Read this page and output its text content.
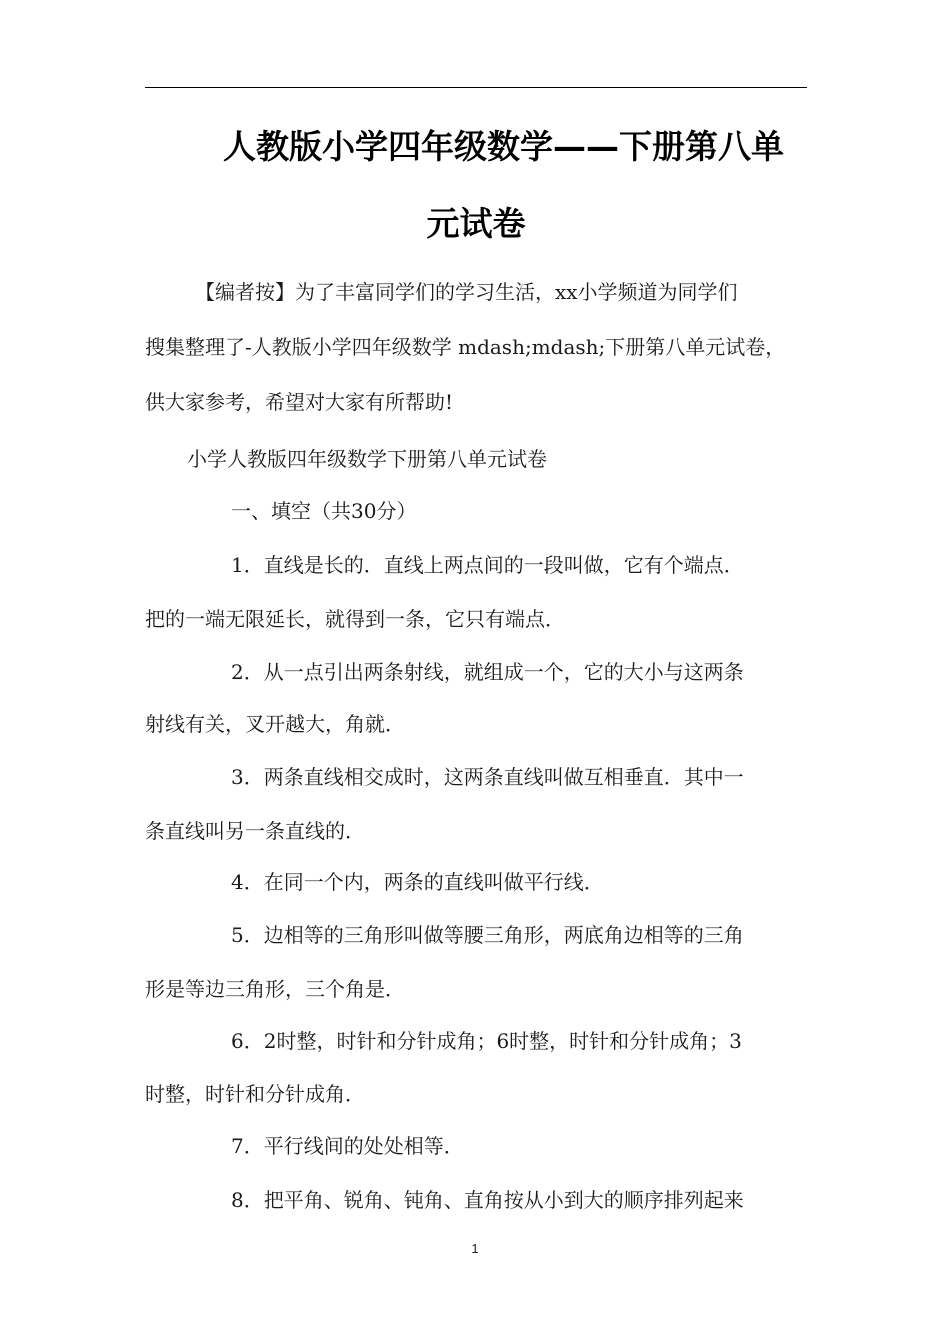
人教版小学四年级数学——下册第八单
元试卷
【编者按】为了丰富同学们的学习生活，xx小学频道为同学们
搜集整理了-人教版小学四年级数学 mdash;mdash;下册第八单元试卷，
供大家参考，希望对大家有所帮助!
小学人教版四年级数学下册第八单元试卷
一、填空（共30分）
1．直线是长的．直线上两点间的一段叫做，它有个端点．
把的一端无限延长，就得到一条，它只有端点．
2．从一点引出两条射线，就组成一个，它的大小与这两条
射线有关，叉开越大，角就．
3．两条直线相交成时，这两条直线叫做互相垂直．其中一
条直线叫另一条直线的．
4．在同一个内，两条的直线叫做平行线．
5．边相等的三角形叫做等腰三角形，两底角边相等的三角
形是等边三角形，三个角是．
6．2时整，时针和分针成角；6时整，时针和分针成角；3
时整，时针和分针成角．
7．平行线间的处处相等．
8．把平角、锐角、钝角、直角按从小到大的顺序排列起来
1
